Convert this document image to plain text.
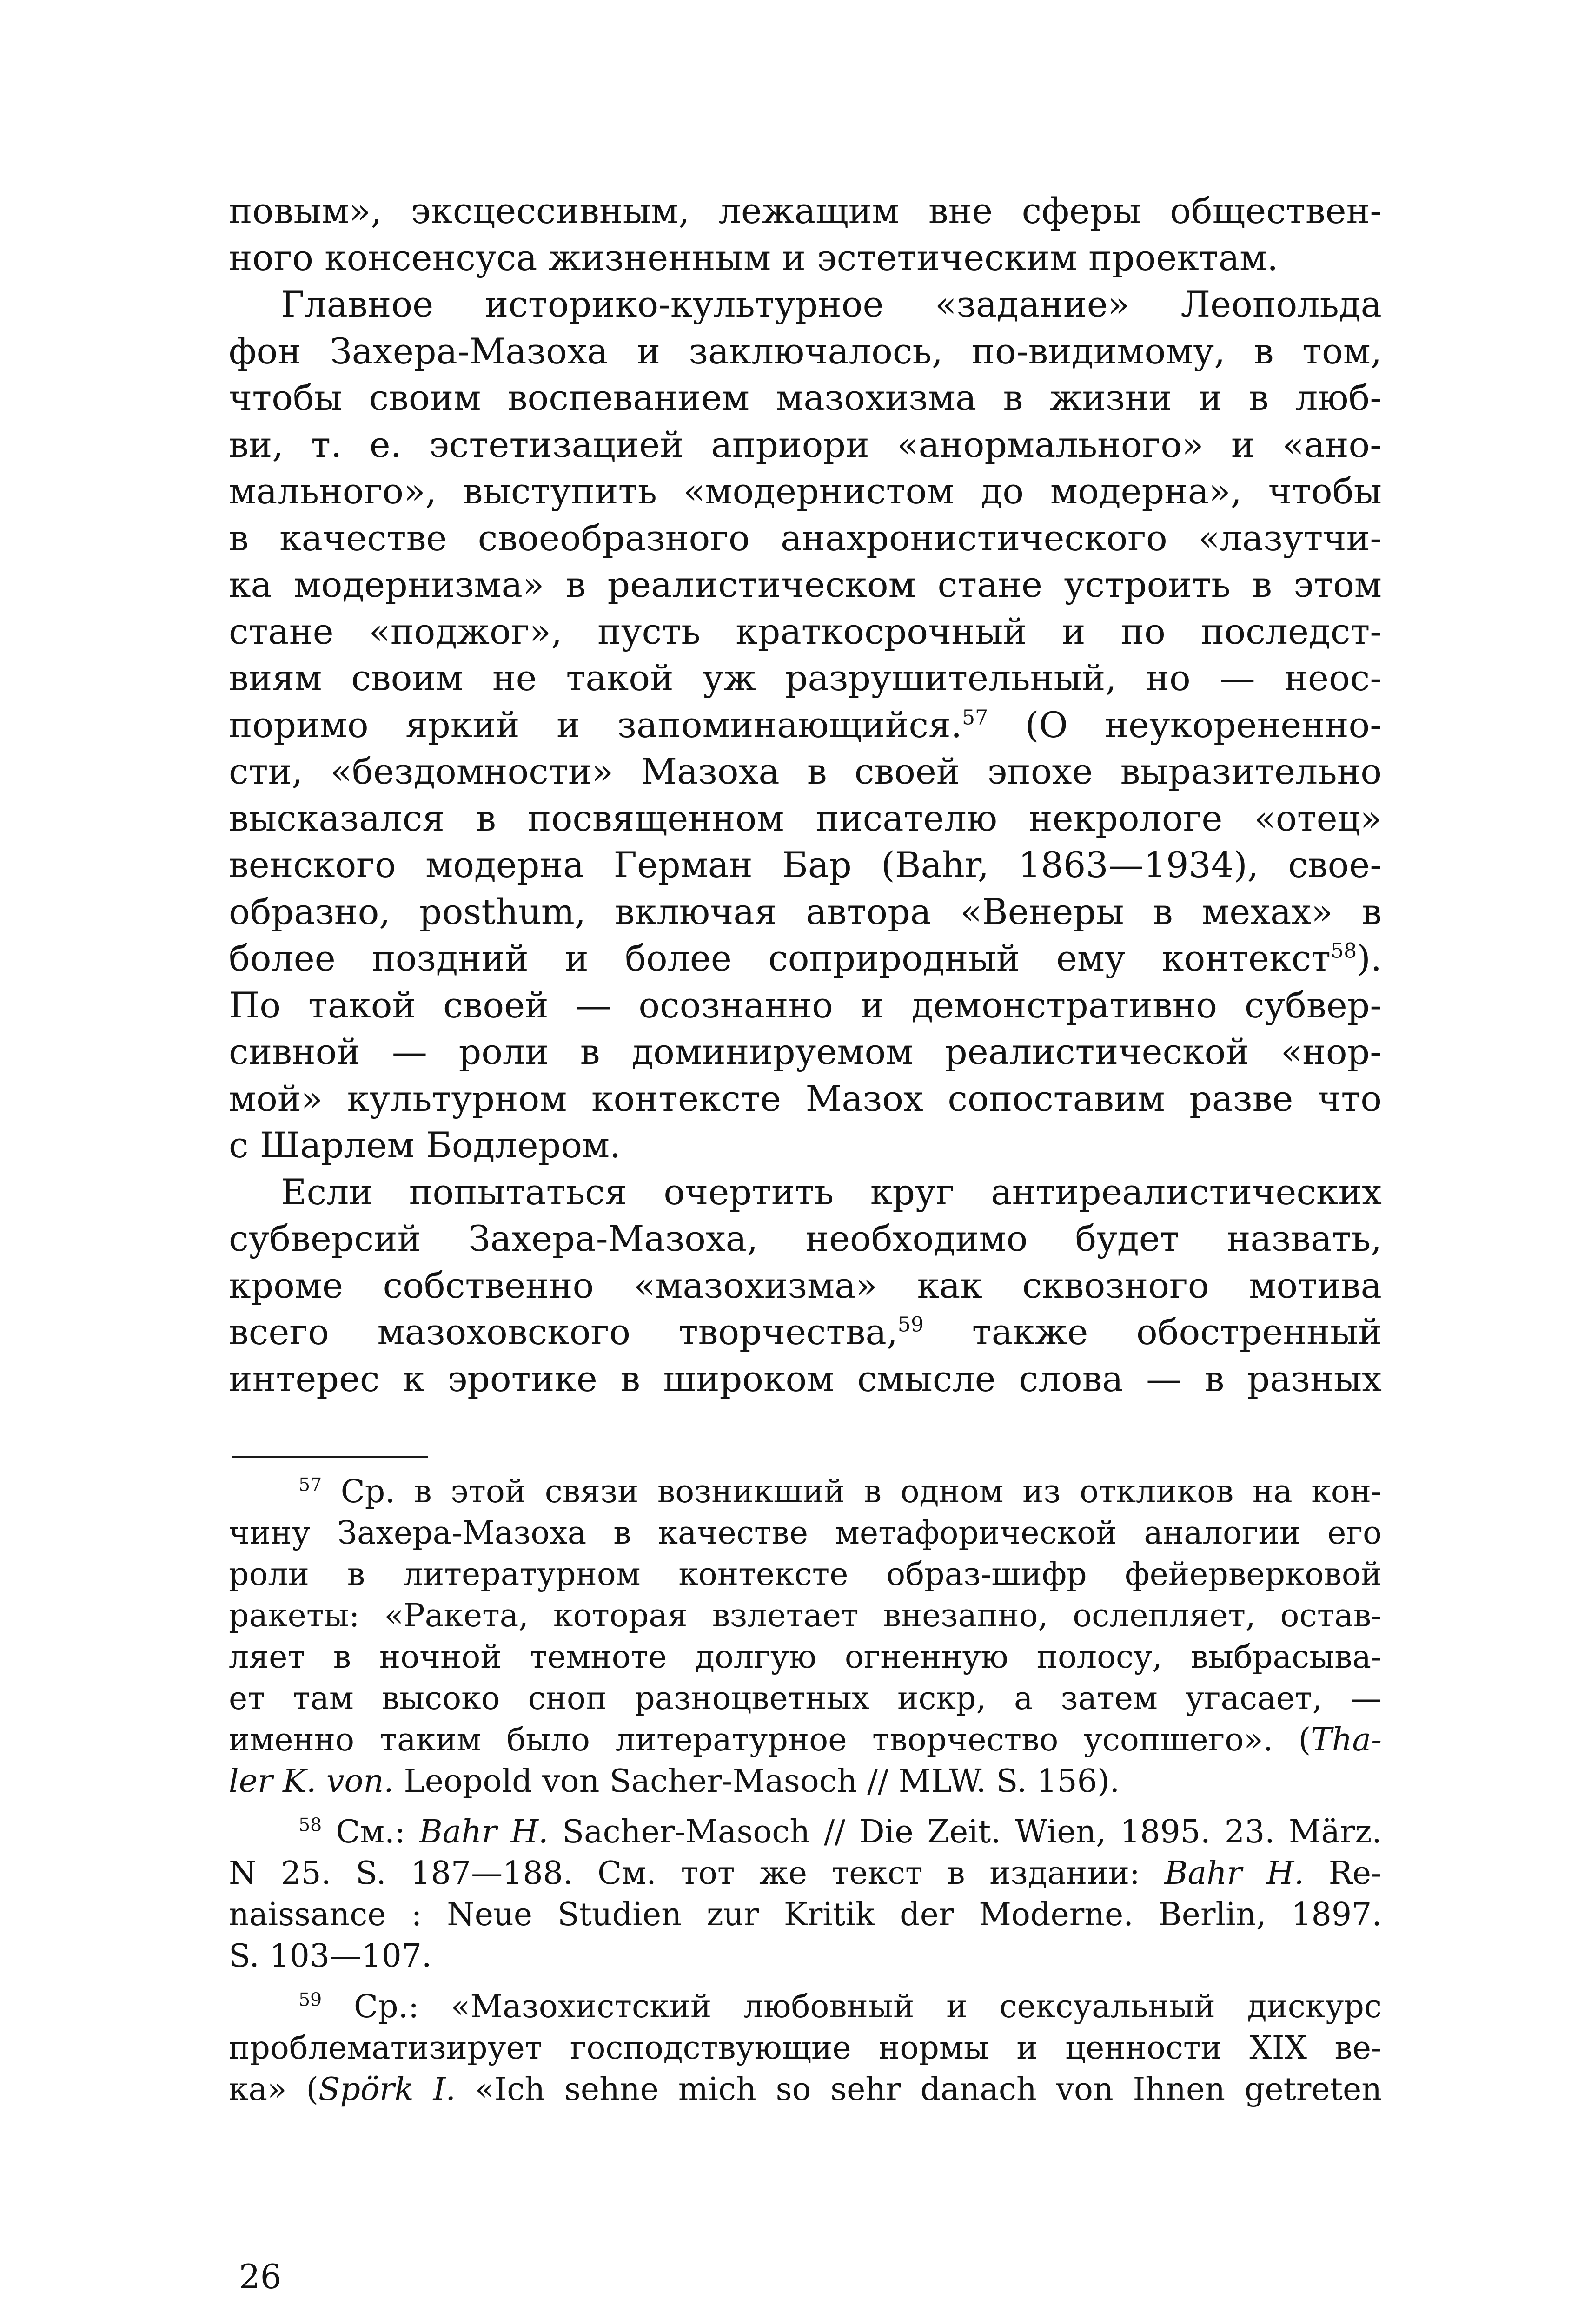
повым», эксцессивным, лежащим вне сферы обществен-

ного консенсуса жизненным и эстетическим проектам.

Главное историко-культурное «задание» Леопольда

фон Захера-Мазоха и заключалось, по-видимому, в том,

чтобы своим воспеванием мазохизма в жизни и в люб-

ви, т. е. эстетизацией априори «анормального» и «ано-

мального», выступить «модернистом до модерна», чтобы

в качестве своеобразного анахронистического «лазутчи-

ка модернизма» в реалистическом стане устроить в этом

стане «поджог», пусть краткосрочный и по последст-

виям своим не такой уж разрушительный, но — неос-

поримо яркий и запоминающийся.$^{57}$ (О неукорененно-

сти, «бездомности» Мазоха в своей эпохе выразительно

высказался в посвященном писателю некрологе «отец»

венского модерна Герман Бар (Bahr, 1863—1934), свое-

образно, posthum, включая автора «Венеры в мехах» в

более поздний и более соприродный ему контекст$^{58}$).

По такой своей — осознанно и демонстративно субвер-

сивной — роли в доминируемом реалистической «нор-

мой» культурном контексте Мазох сопоставим разве что

с Шарлем Бодлером.

Если попытаться очертить круг антиреалистических

субверсий Захера-Мазоха, необходимо будет назвать,

кроме собственно «мазохизма» как сквозного мотива

всего мазоховского творчества,$^{59}$ также обостренный

интерес к эротике в широком смысле слова — в разных

$^{57}$ Ср. в этой связи возникший в одном из откликов на кон-

чину Захера-Мазоха в качестве метафорической аналогии его

роли в литературном контексте образ-шифр фейерверковой

ракеты: «Ракета, которая взлетает внезапно, ослепляет, остав-

ляет в ночной темноте долгую огненную полосу, выбрасыва-

ет там высоко сноп разноцветных искр, а затем угасает, —

именно таким было литературное творчество усопшего». (Tha-

ler K. von. Leopold von Sacher-Masoch // MLW. S. 156).

$^{58}$ См.: Bahr H. Sacher-Masoch // Die Zeit. Wien, 1895. 23. März.

N 25. S. 187—188. См. тот же текст в издании: Bahr H. Re-

naissance : Neue Studien zur Kritik der Moderne. Berlin, 1897.

S. 103—107.

$^{59}$ Ср.: «Мазохистский любовный и сексуальный дискурс

проблематизирует господствующие нормы и ценности XIX ве-

ка» (Spörk I. «Ich sehne mich so sehr danach von Ihnen getreten

26
